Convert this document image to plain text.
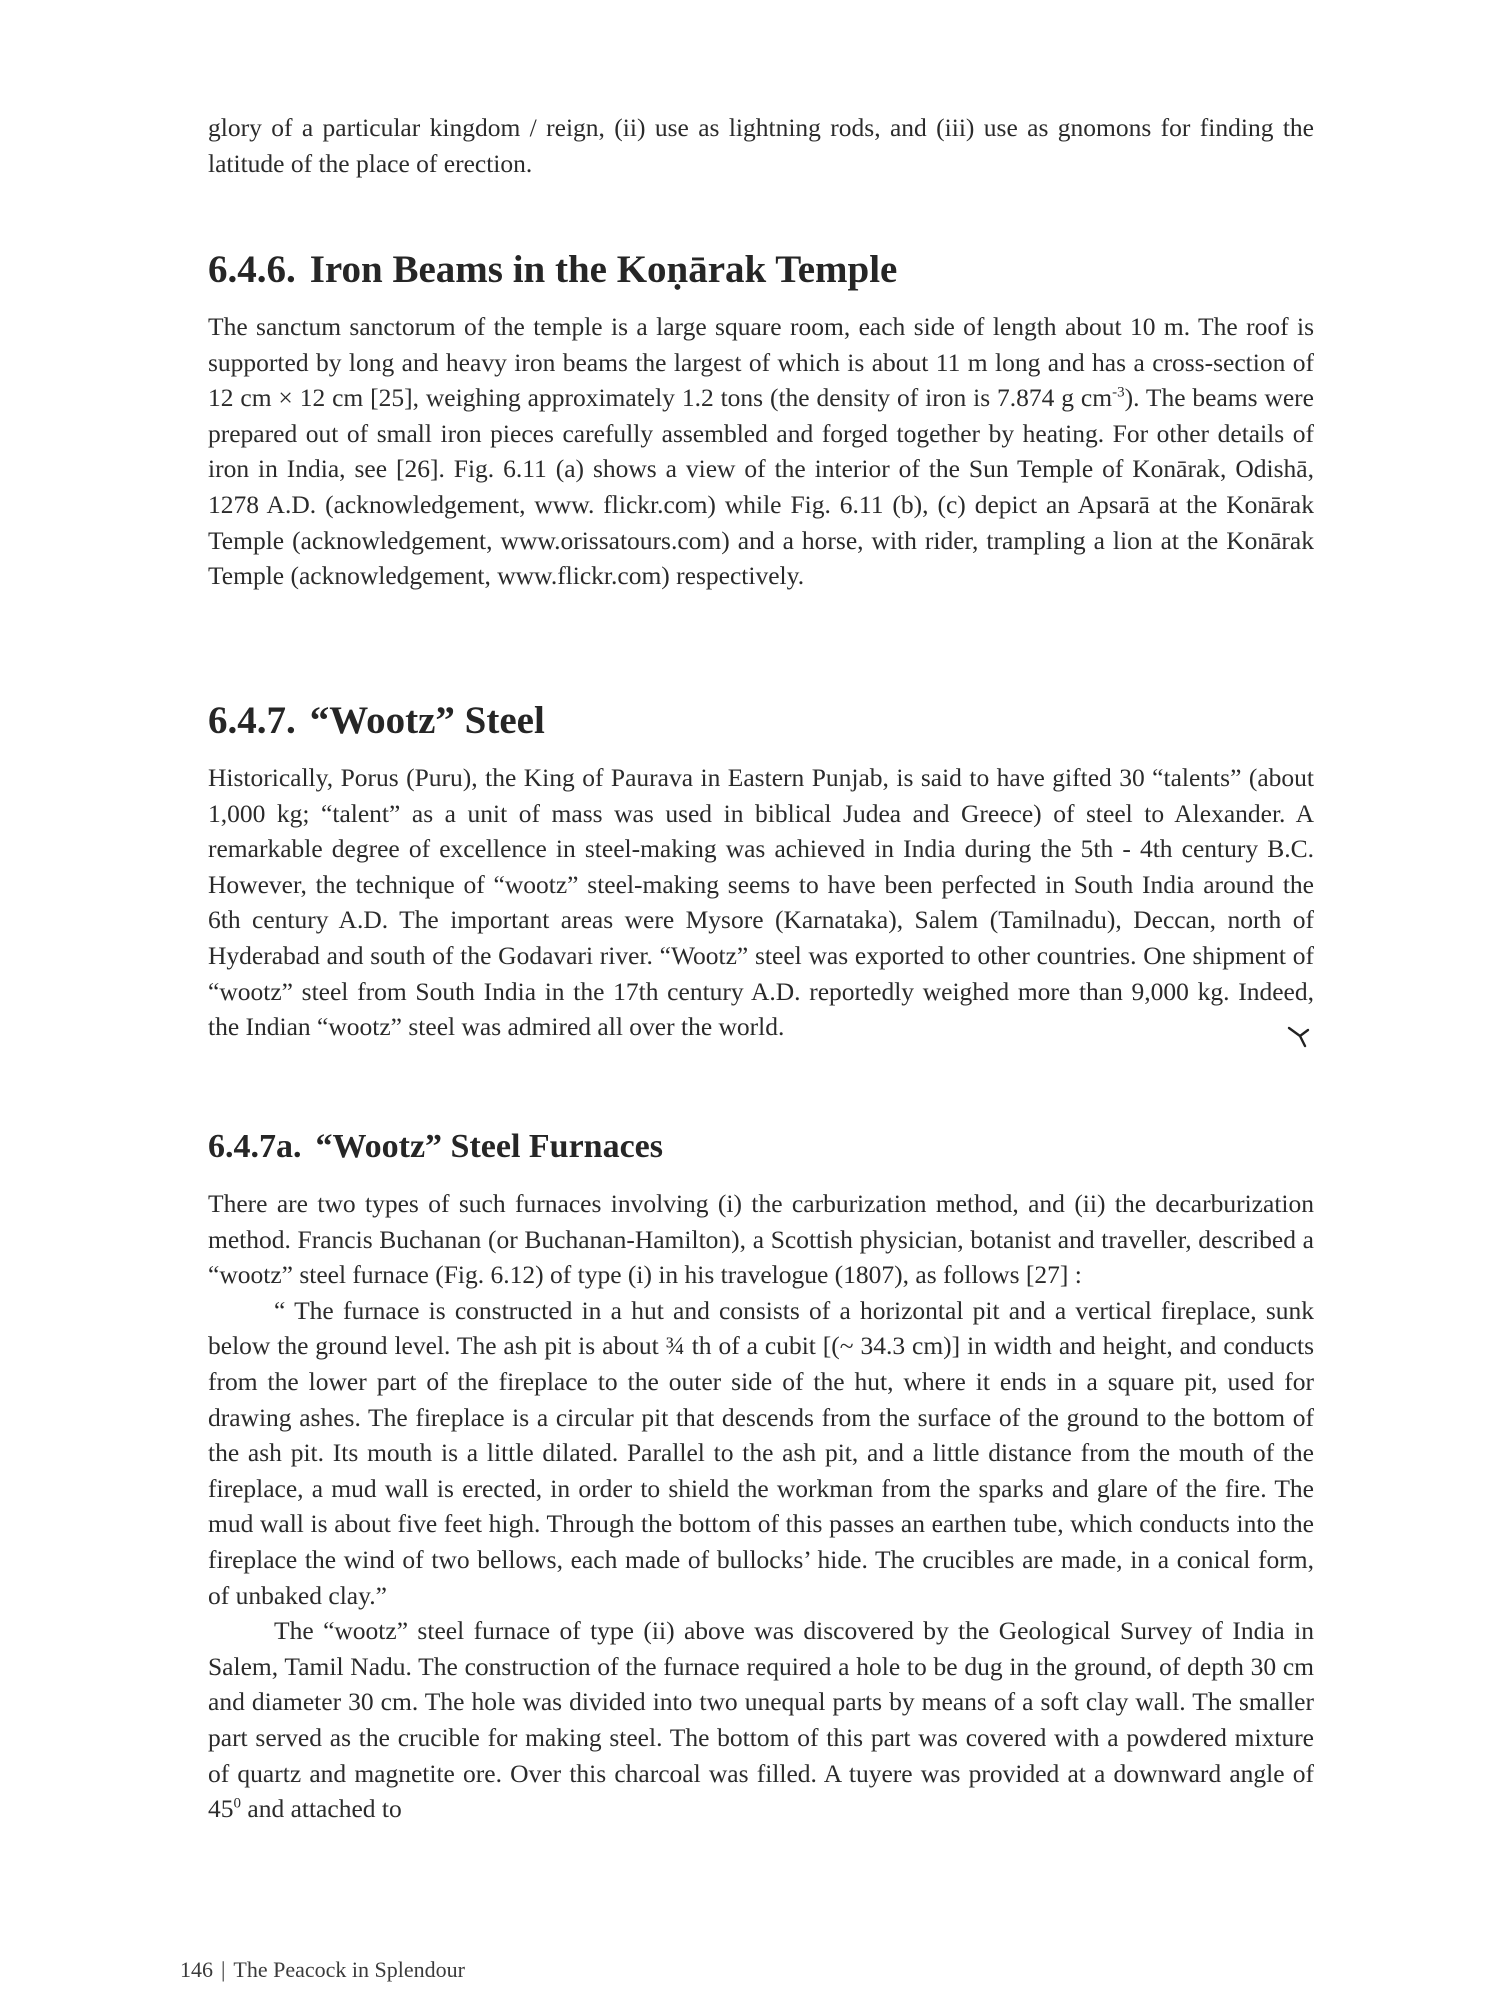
glory of a particular kingdom / reign, (ii) use as lightning rods, and (iii) use as gnomons for finding the latitude of the place of erection.

6.4.6. Iron Beams in the Koṇārak Temple

The sanctum sanctorum of the temple is a large square room, each side of length about 10 m. The roof is supported by long and heavy iron beams the largest of which is about 11 m long and has a cross-section of 12 cm × 12 cm [25], weighing approximately 1.2 tons (the density of iron is 7.874 g $cm^{-3}$). The beams were prepared out of small iron pieces carefully assembled and forged together by heating. For other details of iron in India, see [26]. Fig. 6.11 (a) shows a view of the interior of the Sun Temple of Konārak, Odishā, 1278 A.D. (acknowledgement, www. flickr.com) while Fig. 6.11 (b), (c) depict an Apsarā at the Konārak Temple (acknowledgement, www.orissatours.com) and a horse, with rider, trampling a lion at the Konārak Temple (acknowledgement, www.flickr.com) respectively.

6.4.7. “Wootz” Steel

Historically, Porus (Puru), the King of Paurava in Eastern Punjab, is said to have gifted 30 “talents” (about 1,000 kg; “talent” as a unit of mass was used in biblical Judea and Greece) of steel to Alexander. A remarkable degree of excellence in steel-making was achieved in India during the 5th - 4th century B.C. However, the technique of “wootz” steel-making seems to have been perfected in South India around the 6th century A.D. The important areas were Mysore (Karnataka), Salem (Tamilnadu), Deccan, north of Hyderabad and south of the Godavari river. “Wootz” steel was exported to other countries. One shipment of “wootz” steel from South India in the 17th century A.D. reportedly weighed more than 9,000 kg. Indeed, the Indian “wootz” steel was admired all over the world.

6.4.7a. “Wootz” Steel Furnaces

There are two types of such furnaces involving (i) the carburization method, and (ii) the decarburization method. Francis Buchanan (or Buchanan-Hamilton), a Scottish physician, botanist and traveller, described a “wootz” steel furnace (Fig. 6.12) of type (i) in his travelogue (1807), as follows [27] :

“ The furnace is constructed in a hut and consists of a horizontal pit and a vertical fireplace, sunk below the ground level. The ash pit is about ¾ th of a cubit [(~ 34.3 cm)] in width and height, and conducts from the lower part of the fireplace to the outer side of the hut, where it ends in a square pit, used for drawing ashes. The fireplace is a circular pit that descends from the surface of the ground to the bottom of the ash pit. Its mouth is a little dilated. Parallel to the ash pit, and a little distance from the mouth of the fireplace, a mud wall is erected, in order to shield the workman from the sparks and glare of the fire. The mud wall is about five feet high. Through the bottom of this passes an earthen tube, which conducts into the fireplace the wind of two bellows, each made of bullocks’ hide. The crucibles are made, in a conical form, of unbaked clay.”

The “wootz” steel furnace of type (ii) above was discovered by the Geological Survey of India in Salem, Tamil Nadu. The construction of the furnace required a hole to be dug in the ground, of depth 30 cm and diameter 30 cm. The hole was divided into two unequal parts by means of a soft clay wall. The smaller part served as the crucible for making steel. The bottom of this part was covered with a powdered mixture of quartz and magnetite ore. Over this charcoal was filled. A tuyere was provided at a downward angle of $45^0$ and attached to

146 | The Peacock in Splendour
